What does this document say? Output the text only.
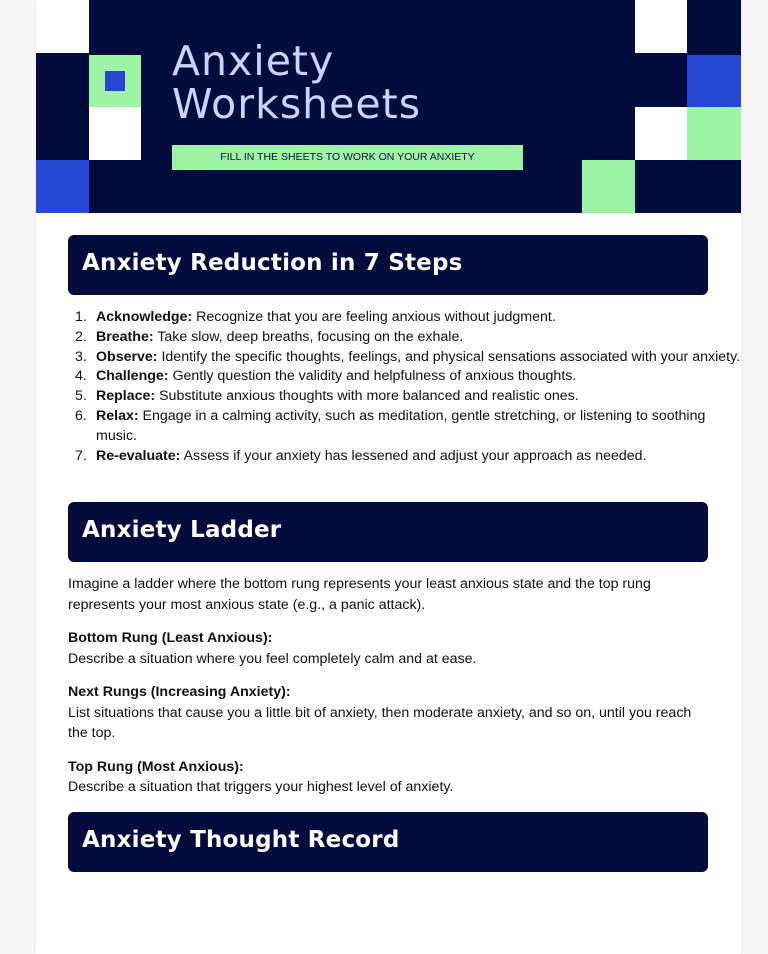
Anxiety
Worksheets
FILL IN THE SHEETS TO WORK ON YOUR ANXIETY
Anxiety Reduction in 7 Steps
1. Acknowledge: Recognize that you are feeling anxious without judgment.
2. Breathe: Take slow, deep breaths, focusing on the exhale.
3. Observe: Identify the specific thoughts, feelings, and physical sensations associated with your anxiety.
4. Challenge: Gently question the validity and helpfulness of anxious thoughts.
5. Replace: Substitute anxious thoughts with more balanced and realistic ones.
6. Relax: Engage in a calming activity, such as meditation, gentle stretching, or listening to soothing music.
7. Re-evaluate: Assess if your anxiety has lessened and adjust your approach as needed.
Anxiety Ladder

Imagine a ladder where the bottom rung represents your least anxious state and the top rung represents your most anxious state (e.g., a panic attack).

Bottom Rung (Least Anxious):

Describe a situation where you feel completely calm and at ease.

Next Rungs (Increasing Anxiety):

List situations that cause you a little bit of anxiety, then moderate anxiety, and so on, until you reach the top.

Top Rung (Most Anxious):

Describe a situation that triggers your highest level of anxiety.

Anxiety Thought Record
